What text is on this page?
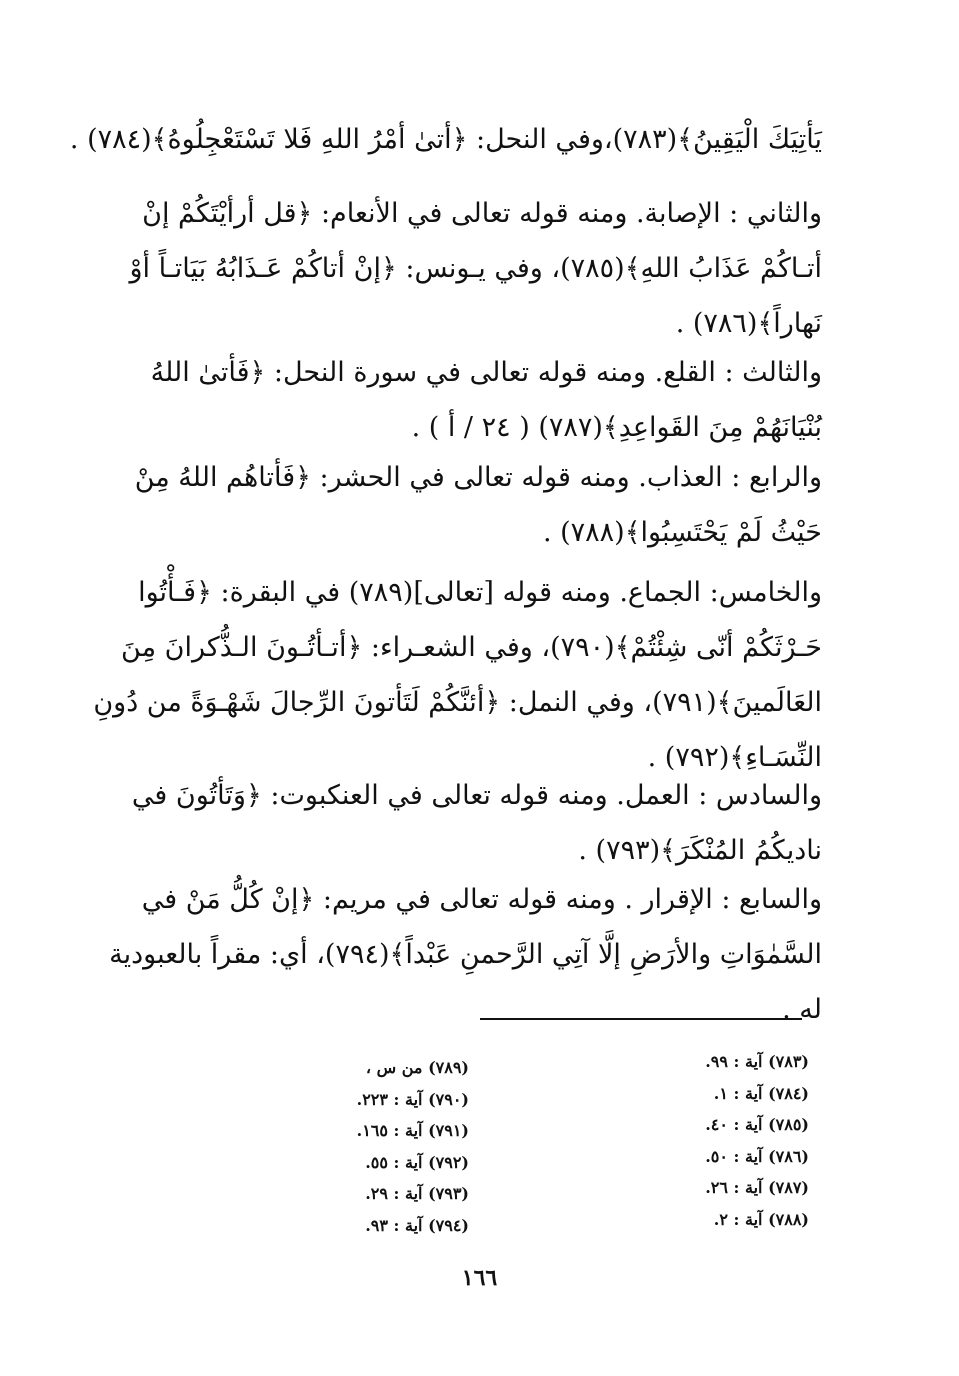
يَأتِيَكَ الْيَقِينُ﴾(٧٨٣)،وفي النحل: ﴿أتىٰ أمْرُ اللهِ فَلا تَسْتَعْجِلُوهُ﴾(٧٨٤) .
والثاني : الإصابة. ومنه قوله تعالى في الأنعام: ﴿قل أرأيْتَكُمْ إنْ
أتـاكُمْ عَذَابُ اللهِ﴾(٧٨٥)، وفي يـونس: ﴿إنْ أتاكُمْ عَـذَابُهُ بَيَاتـاً أوْ
نَهاراً﴾(٧٨٦) .
والثالث : القلع. ومنه قوله تعالى في سورة النحل: ﴿فَأتىٰ اللهُ
بُنْيَانَهُمْ مِنَ القَواعِدِ﴾(٧٨٧) ( ٢٤ / أ ) .
والرابع : العذاب. ومنه قوله تعالى في الحشر: ﴿فَأتاهُم اللهُ مِنْ
حَيْثُ لَمْ يَحْتَسِبُوا﴾(٧٨٨) .
والخامس: الجماع. ومنه قوله [تعالى](٧٨٩) في البقرة: ﴿فَـأْتُوا
حَـرْثَكُمْ أنّى شِئْتُمْ﴾(٧٩٠)، وفي الشعـراء: ﴿أتـأتُـونَ الـذُّكرانَ مِنَ
العَالَمينَ﴾(٧٩١)، وفي النمل: ﴿أئنَّكُمْ لَتَأتونَ الرِّجالَ شَهْـوَةً من دُونِ
النِّسَـاءِ﴾(٧٩٢) .
والسادس : العمل. ومنه قوله تعالى في العنكبوت: ﴿وَتَأتُونَ في
ناديكُمُ المُنْكَرَ﴾(٧٩٣) .
والسابع : الإقرار . ومنه قوله تعالى في مريم: ﴿إنْ كُلُّ مَنْ في
السَّمٰوَاتِ والأرَضِ إلَّا آتِي الرَّحمنِ عَبْداً﴾(٧٩٤)، أي: مقراً بالعبودية
له .
(٧٨٣) آية : ٩٩.
(٧٨٤) آية : ١.
(٧٨٥) آية : ٤٠.
(٧٨٦) آية : ٥٠.
(٧٨٧) آية : ٢٦.
(٧٨٨) آية : ٢.
(٧٨٩) من س ،
(٧٩٠) آية : ٢٢٣.
(٧٩١) آية : ١٦٥.
(٧٩٢) آية : ٥٥.
(٧٩٣) آية : ٢٩.
(٧٩٤) آية : ٩٣.
١٦٦
